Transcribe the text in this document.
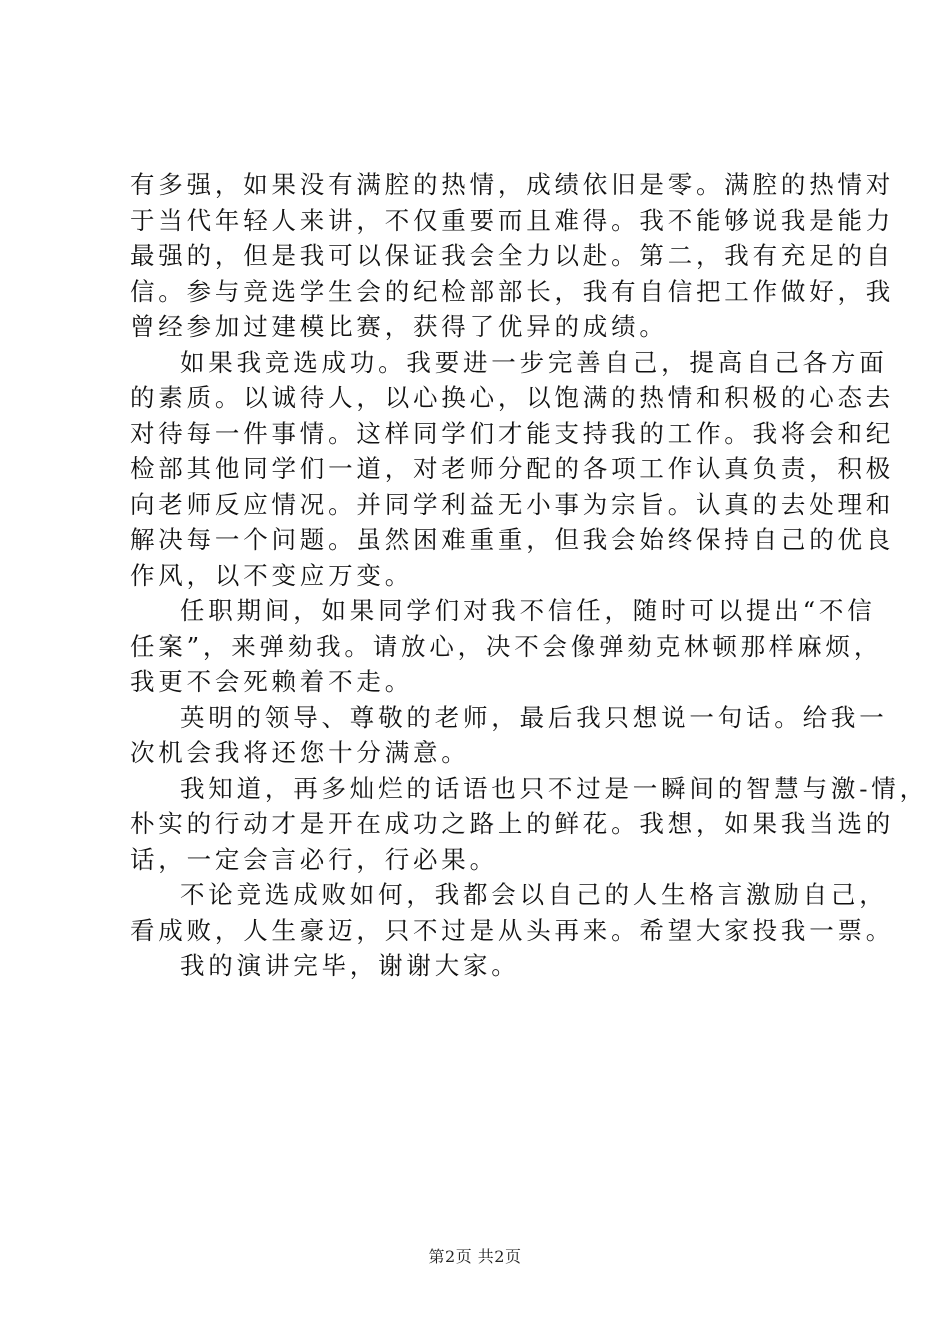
有多强，如果没有满腔的热情，成绩依旧是零。满腔的热情对
于当代年轻人来讲，不仅重要而且难得。我不能够说我是能力
最强的，但是我可以保证我会全力以赴。第二，我有充足的自
信。参与竞选学生会的纪检部部长，我有自信把工作做好，我
曾经参加过建模比赛，获得了优异的成绩。
如果我竞选成功。我要进一步完善自己，提高自己各方面
的素质。以诚待人，以心换心，以饱满的热情和积极的心态去
对待每一件事情。这样同学们才能支持我的工作。我将会和纪
检部其他同学们一道，对老师分配的各项工作认真负责，积极
向老师反应情况。并同学利益无小事为宗旨。认真的去处理和
解决每一个问题。虽然困难重重，但我会始终保持自己的优良
作风，以不变应万变。
任职期间，如果同学们对我不信任，随时可以提出“不信
任案”，来弹劾我。请放心，决不会像弹劾克林顿那样麻烦，
我更不会死赖着不走。
英明的领导、尊敬的老师，最后我只想说一句话。给我一
次机会我将还您十分满意。
我知道，再多灿烂的话语也只不过是一瞬间的智慧与激-情，
朴实的行动才是开在成功之路上的鲜花。我想，如果我当选的
话，一定会言必行，行必果。
不论竞选成败如何，我都会以自己的人生格言激励自己，
看成败，人生豪迈，只不过是从头再来。希望大家投我一票。
我的演讲完毕，谢谢大家。
第2页 共2页
